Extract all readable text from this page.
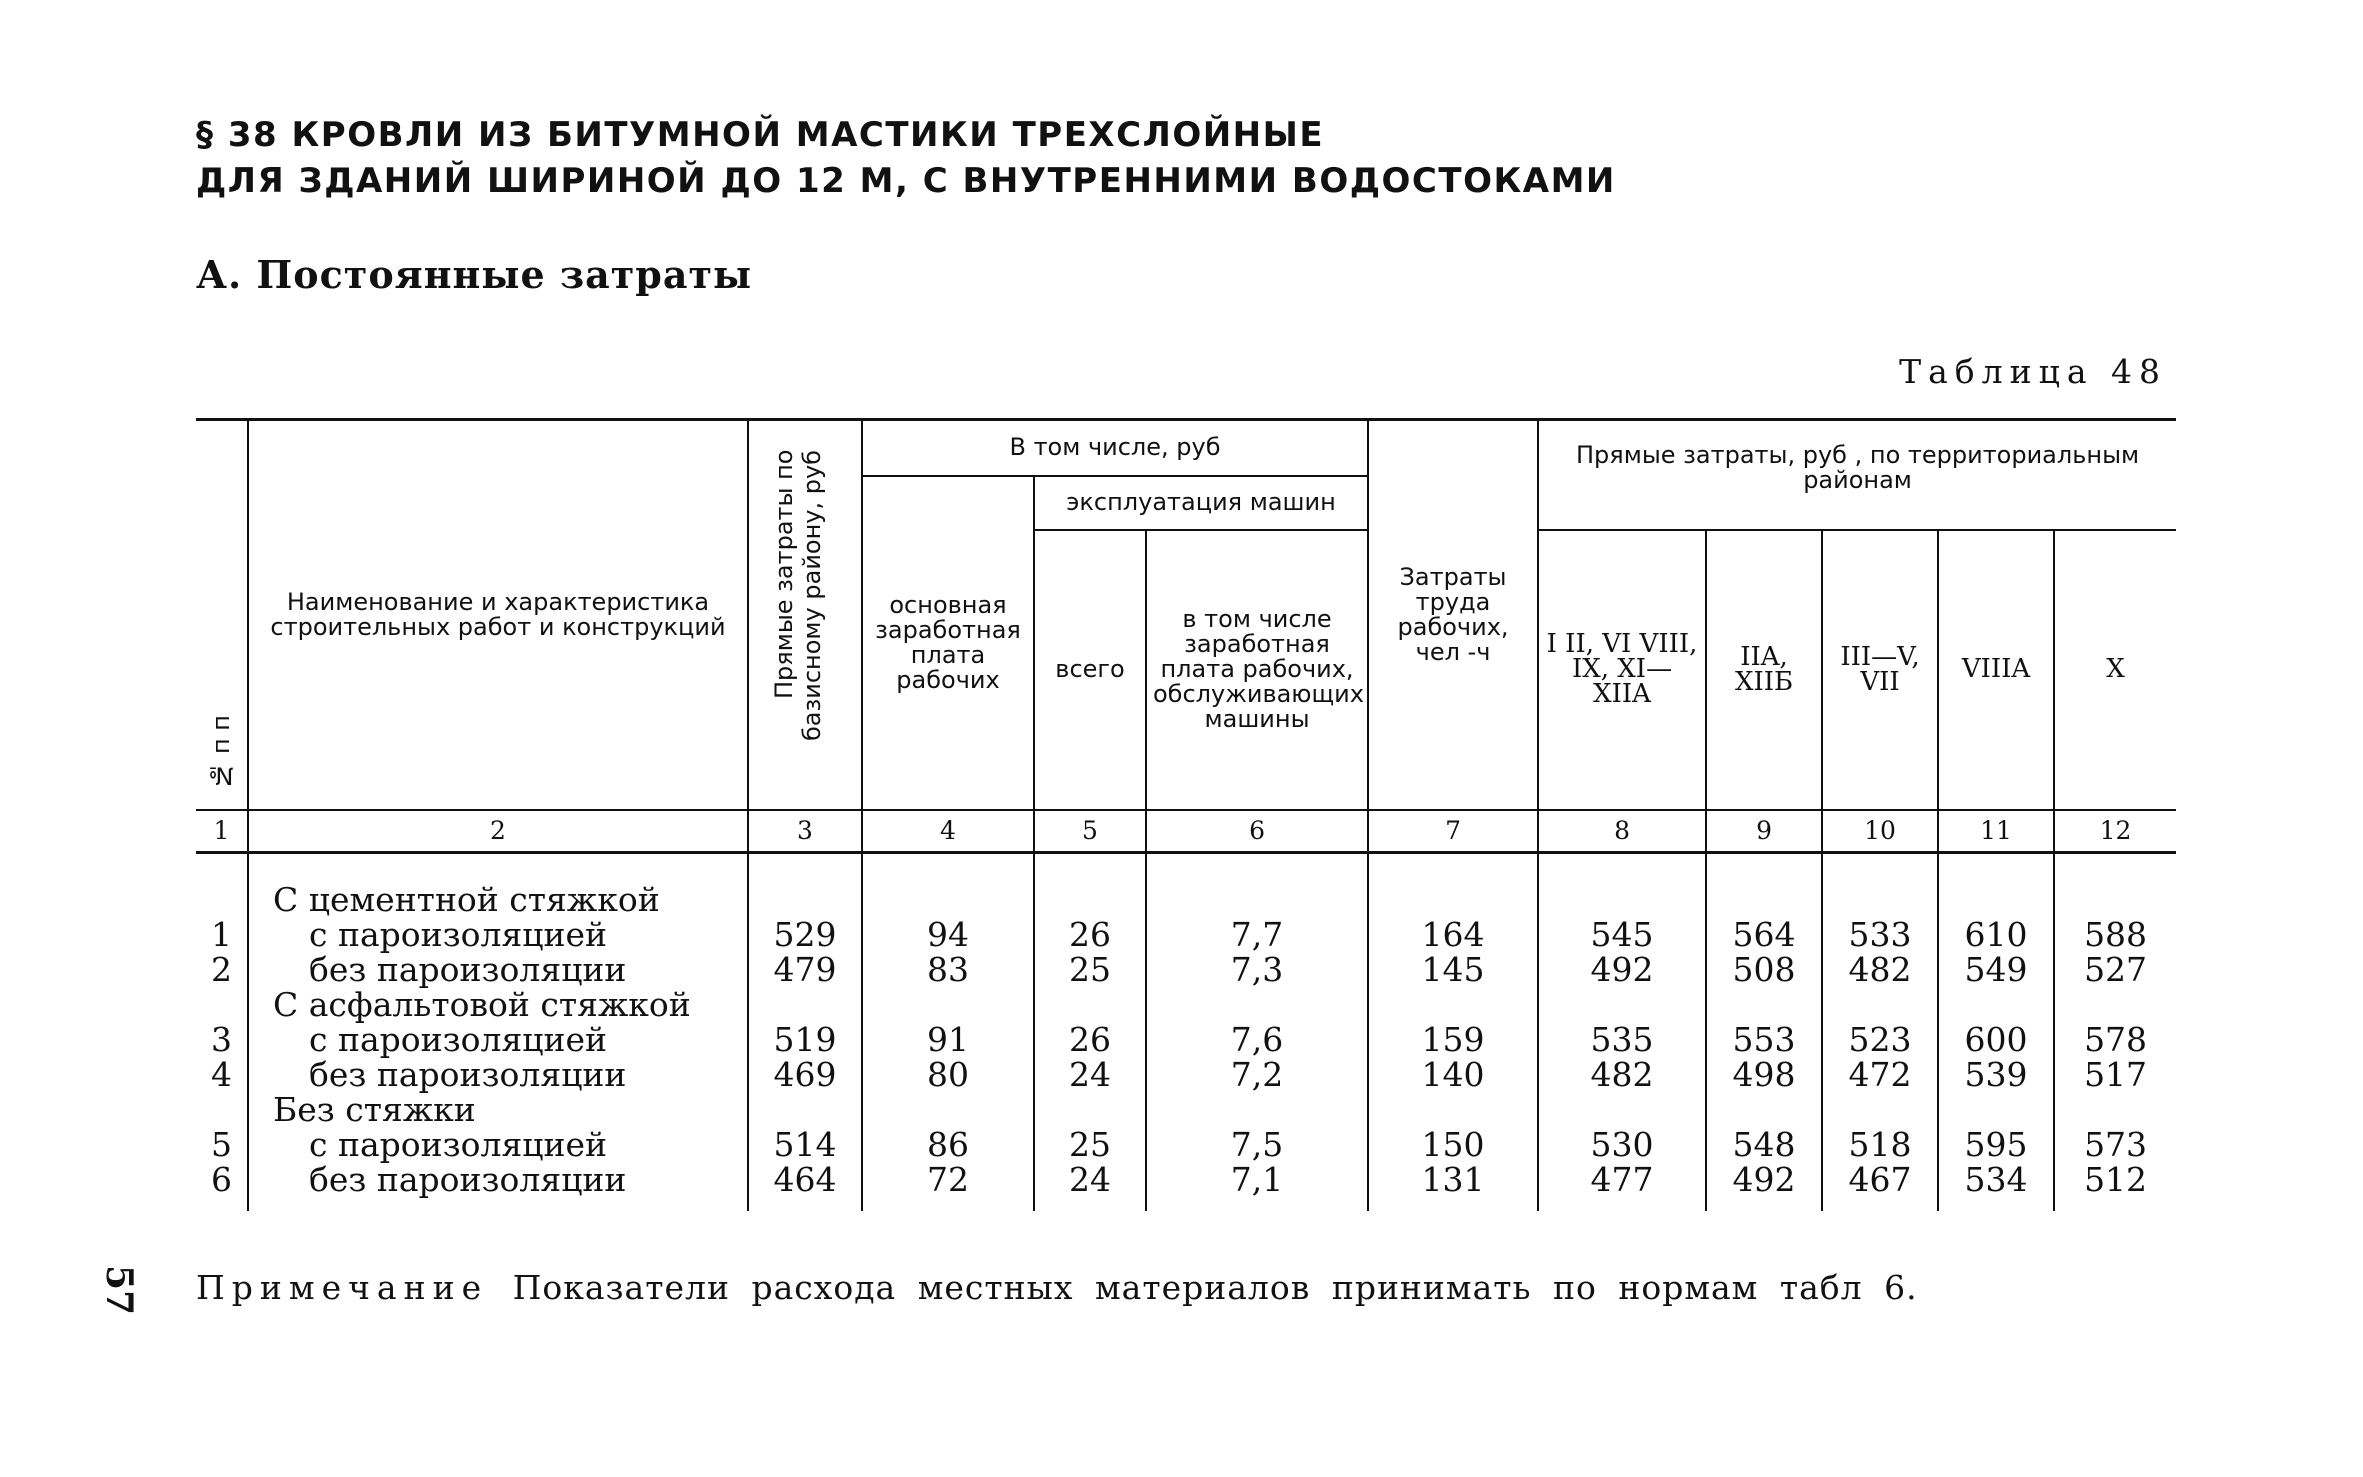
§ 38 КРОВЛИ ИЗ БИТУМНОЙ МАСТИКИ ТРЕХСЛОЙНЫЕ
ДЛЯ ЗДАНИЙ ШИРИНОЙ ДО 12 М, С ВНУТРЕННИМИ ВОДОСТОКАМИ
А. Постоянные затраты
Таблица 48
№ п п	Наименование и характеристика строительных работ и конструкций	Прямые затраты по базисному району, руб	В том числе, руб			Затраты труда рабочих, чел -ч	Прямые затраты, руб , по территориальным районам				
			основная заработная плата рабочих	эксплуатация машин							
				всего	в том числе заработная плата рабочих, обслуживающих машины		I II, VI VIII, IX, XI—XIIA	IIA, XIIБ	III—V, VII	VIIIA	X
1	2	3	4	5	6	7	8	9	10	11	12

	С цементной стяжкой										
1	с пароизоляцией	529	94	26	7,7	164	545	564	533	610	588
2	без пароизоляции	479	83	25	7,3	145	492	508	482	549	527
	С асфальтовой стяжкой										
3	с пароизоляцией	519	91	26	7,6	159	535	553	523	600	578
4	без пароизоляции	469	80	24	7,2	140	482	498	472	539	517
	Без стяжки										
5	с пароизоляцией	514	86	25	7,5	150	530	548	518	595	573
6	без пароизоляции	464	72	24	7,1	131	477	492	467	534	512
57 Примечание Показатели расхода местных материалов принимать по нормам табл 6.
